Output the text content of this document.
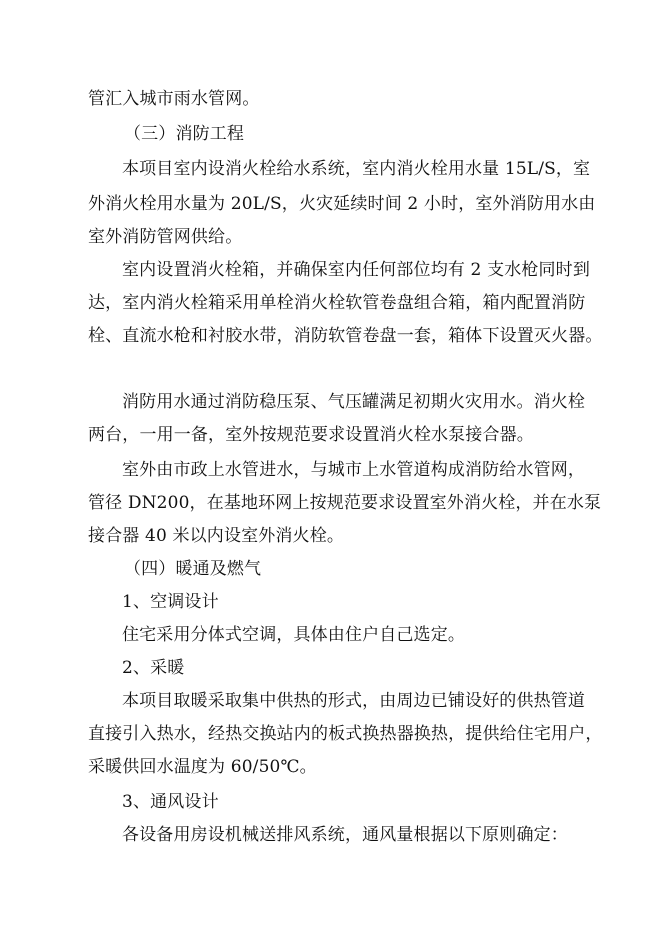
管汇入城市雨水管网。
（三）消防工程
本项目室内设消火栓给水系统，室内消火栓用水量 15L/S，室
外消火栓用水量为 20L/S，火灾延续时间 2 小时，室外消防用水由
室外消防管网供给。
室内设置消火栓箱，并确保室内任何部位均有 2 支水枪同时到
达，室内消火栓箱采用单栓消火栓软管卷盘组合箱，箱内配置消防
栓、直流水枪和衬胶水带，消防软管卷盘一套，箱体下设置灭火器。
消防用水通过消防稳压泵、气压罐满足初期火灾用水。消火栓
两台，一用一备，室外按规范要求设置消火栓水泵接合器。
室外由市政上水管进水，与城市上水管道构成消防给水管网，
管径 DN200，在基地环网上按规范要求设置室外消火栓，并在水泵
接合器 40 米以内设室外消火栓。
（四）暖通及燃气
1、空调设计
住宅采用分体式空调，具体由住户自己选定。
2、采暖
本项目取暖采取集中供热的形式，由周边已铺设好的供热管道
直接引入热水，经热交换站内的板式换热器换热，提供给住宅用户，
采暖供回水温度为 60/50℃。
3、通风设计
各设备用房设机械送排风系统，通风量根据以下原则确定：
